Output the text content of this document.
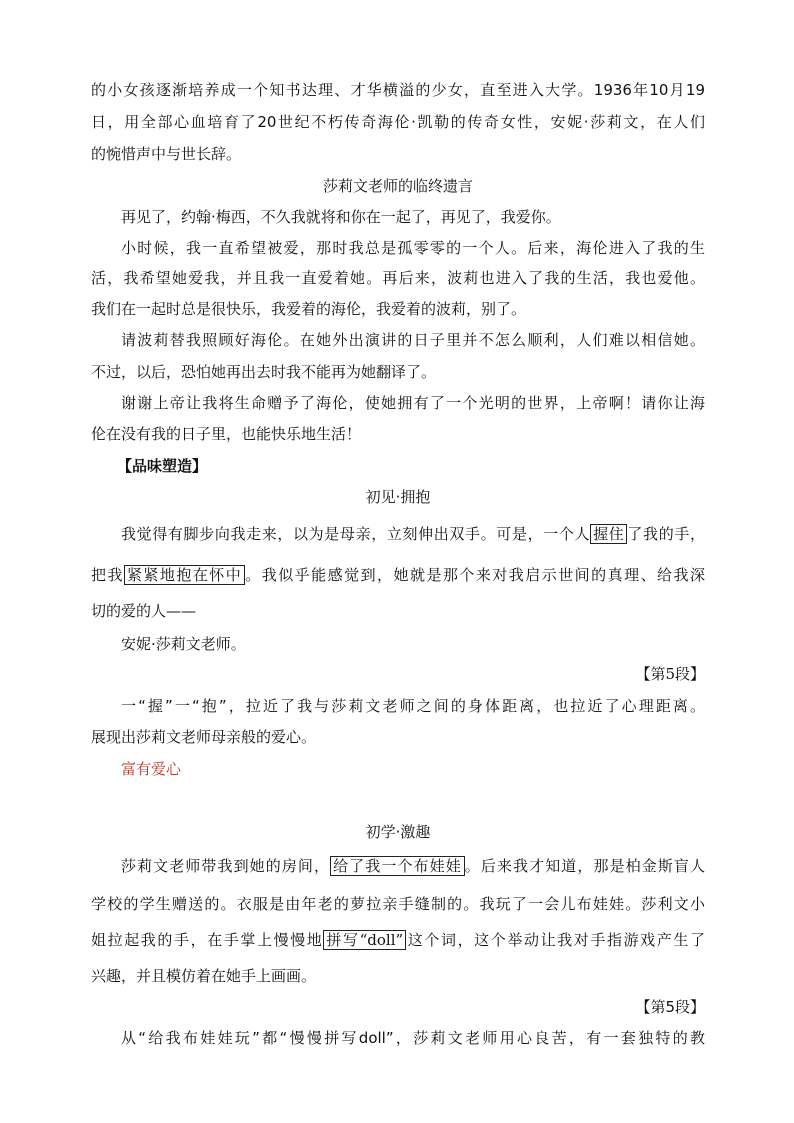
的小女孩逐渐培养成一个知书达理、才华横溢的少女，直至进入大学。1936年10月19
日，用全部心血培育了20世纪不朽传奇海伦·凯勒的传奇女性，安妮·莎莉文，在人们
的惋惜声中与世长辞。
莎莉文老师的临终遗言
再见了，约翰·梅西，不久我就将和你在一起了，再见了，我爱你。
小时候，我一直希望被爱，那时我总是孤零零的一个人。后来，海伦进入了我的生
活，我希望她爱我，并且我一直爱着她。再后来，波莉也进入了我的生活，我也爱他。
我们在一起时总是很快乐，我爱着的海伦，我爱着的波莉，别了。
请波莉替我照顾好海伦。在她外出演讲的日子里并不怎么顺利，人们难以相信她。
不过，以后，恐怕她再出去时我不能再为她翻译了。
谢谢上帝让我将生命赠予了海伦，使她拥有了一个光明的世界，上帝啊！请你让海
伦在没有我的日子里，也能快乐地生活！
【品味塑造】
初见·拥抱
我觉得有脚步向我走来，以为是母亲，立刻伸出双手。可是，一个人 握住 了我的手，
把我 紧紧地抱在怀中 。我似乎能感觉到，她就是那个来对我启示世间的真理、给我深
切的爱的人——
安妮·莎莉文老师。
【第5段】
一“握”一“抱”，拉近了我与莎莉文老师之间的身体距离，也拉近了心理距离。
展现出莎莉文老师母亲般的爱心。
富有爱心
初学·激趣
莎莉文老师带我到她的房间， 给了我一个布娃娃 。后来我才知道，那是柏金斯盲人
学校的学生赠送的。衣服是由年老的萝拉亲手缝制的。我玩了一会儿布娃娃。莎利文小
姐拉起我的手，在手掌上慢慢地 拼写“doll” 这个词，这个举动让我对手指游戏产生了
兴趣，并且模仿着在她手上画画。
【第5段】
从“给我布娃娃玩”都“慢慢拼写doll”，莎莉文老师用心良苦，有一套独特的教
